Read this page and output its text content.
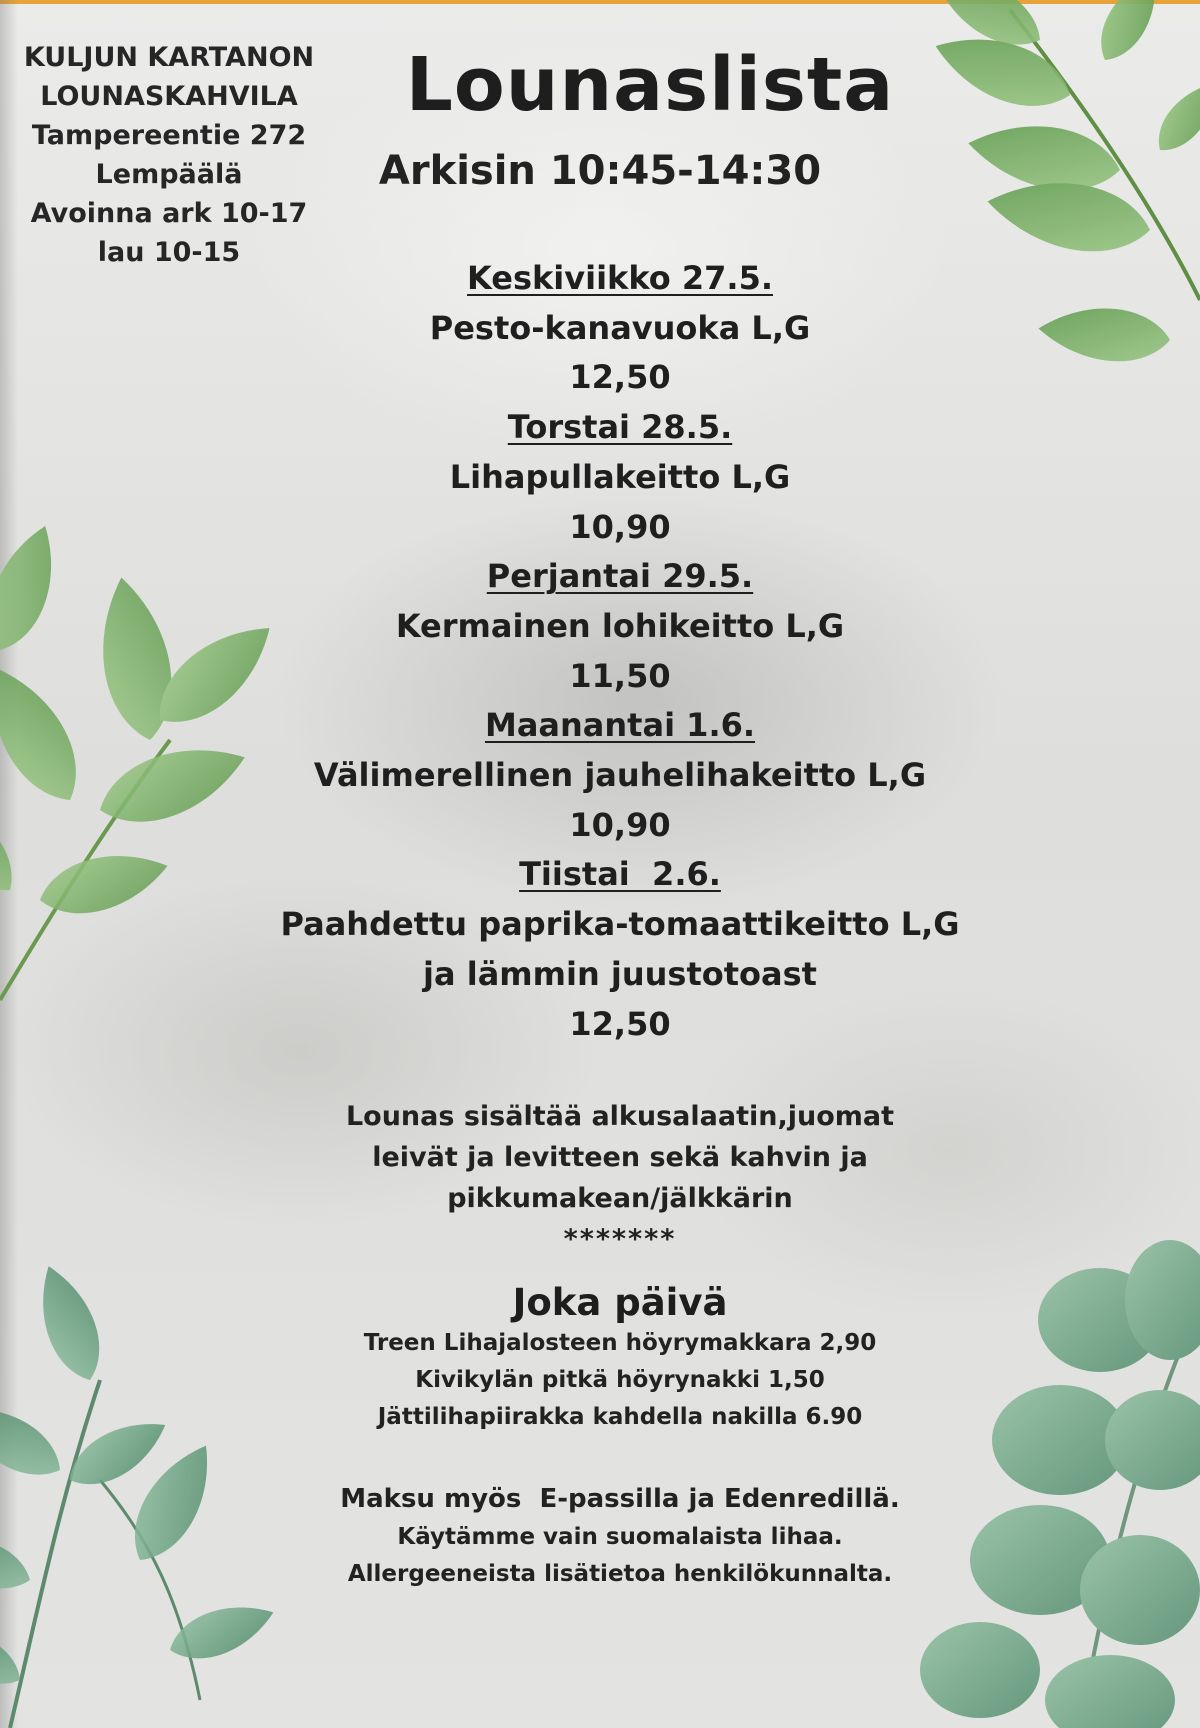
KULJUN KARTANON
LOUNASKAHVILA
Tampereentie 272
Lempäälä
Avoinna ark 10-17
lau 10-15
Lounaslista
Arkisin 10:45-14:30
Keskiviikko 27.5.
Pesto-kanavuoka L,G
12,50
Torstai 28.5.
Lihapullakeitto L,G
10,90
Perjantai 29.5.
Kermainen lohikeitto L,G
11,50
Maanantai 1.6.
Välimerellinen jauhelihakeitto L,G
10,90
Tiistai  2.6.
Paahdettu paprika-tomaattikeitto L,G
ja lämmin juustotoast
12,50
Lounas sisältää alkusalaatin,juomat
leivät ja levitteen sekä kahvin ja
pikkumakean/jälkkärin
*******
Joka päivä
Treen Lihajalosteen höyrymakkara 2,90
Kivikylän pitkä höyrynakki 1,50
Jättilihapiirakka kahdella nakilla 6.90
Maksu myös  E-passilla ja Edenredillä.
Käytämme vain suomalaista lihaa.
Allergeeneista lisätietoa henkilökunnalta.
